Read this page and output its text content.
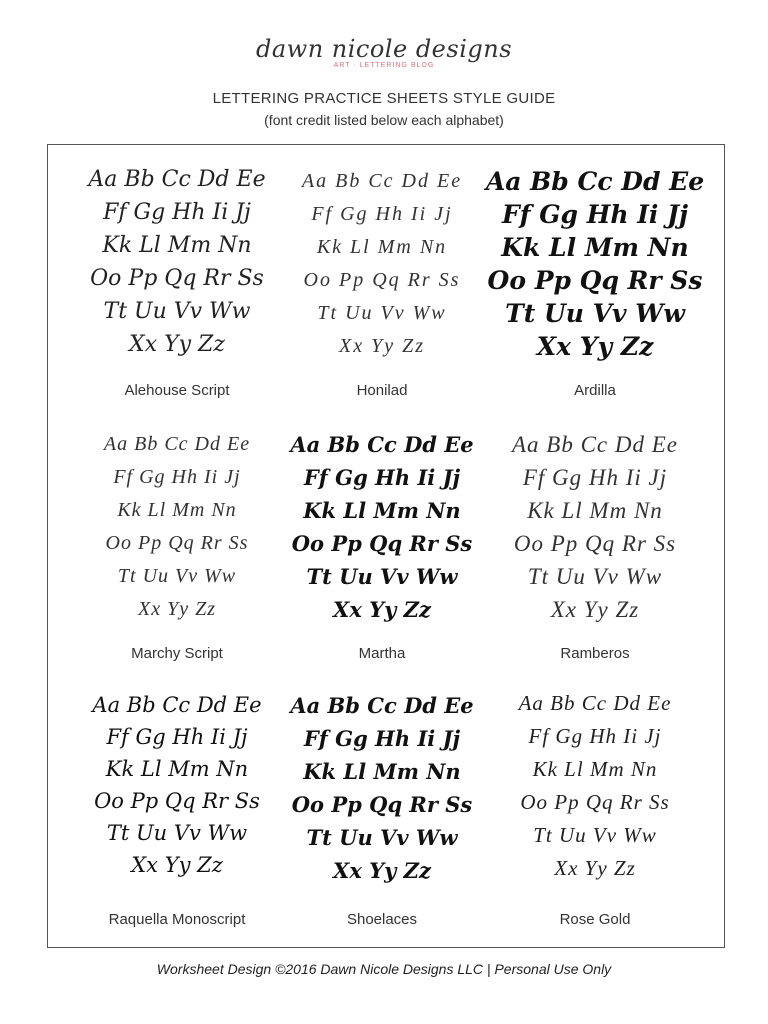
dawn nicole designs
ART · LETTERING BLOG
LETTERING PRACTICE SHEETS STYLE GUIDE
(font credit listed below each alphabet)
Aa Bb Cc Dd Ee
Ff Gg Hh Ii Jj
Kk Ll Mm Nn
Oo Pp Qq Rr Ss
Tt Uu Vv Ww
Xx Yy Zz
Alehouse Script
Aa Bb Cc Dd Ee
Ff Gg Hh Ii Jj
Kk Ll Mm Nn
Oo Pp Qq Rr Ss
Tt Uu Vv Ww
Xx Yy Zz
Honilad
Aa Bb Cc Dd Ee
Ff Gg Hh Ii Jj
Kk Ll Mm Nn
Oo Pp Qq Rr Ss
Tt Uu Vv Ww
Xx Yy Zz
Ardilla
Aa Bb Cc Dd Ee
Ff Gg Hh Ii Jj
Kk Ll Mm Nn
Oo Pp Qq Rr Ss
Tt Uu Vv Ww
Xx Yy Zz
Marchy Script
Aa Bb Cc Dd Ee
Ff Gg Hh Ii Jj
Kk Ll Mm Nn
Oo Pp Qq Rr Ss
Tt Uu Vv Ww
Xx Yy Zz
Martha
Aa Bb Cc Dd Ee
Ff Gg Hh Ii Jj
Kk Ll Mm Nn
Oo Pp Qq Rr Ss
Tt Uu Vv Ww
Xx Yy Zz
Ramberos
Aa Bb Cc Dd Ee
Ff Gg Hh Ii Jj
Kk Ll Mm Nn
Oo Pp Qq Rr Ss
Tt Uu Vv Ww
Xx Yy Zz
Raquella Monoscript
Aa Bb Cc Dd Ee
Ff Gg Hh Ii Jj
Kk Ll Mm Nn
Oo Pp Qq Rr Ss
Tt Uu Vv Ww
Xx Yy Zz
Shoelaces
Aa Bb Cc Dd Ee
Ff Gg Hh Ii Jj
Kk Ll Mm Nn
Oo Pp Qq Rr Ss
Tt Uu Vv Ww
Xx Yy Zz
Rose Gold
Worksheet Design ©2016 Dawn Nicole Designs LLC | Personal Use Only
